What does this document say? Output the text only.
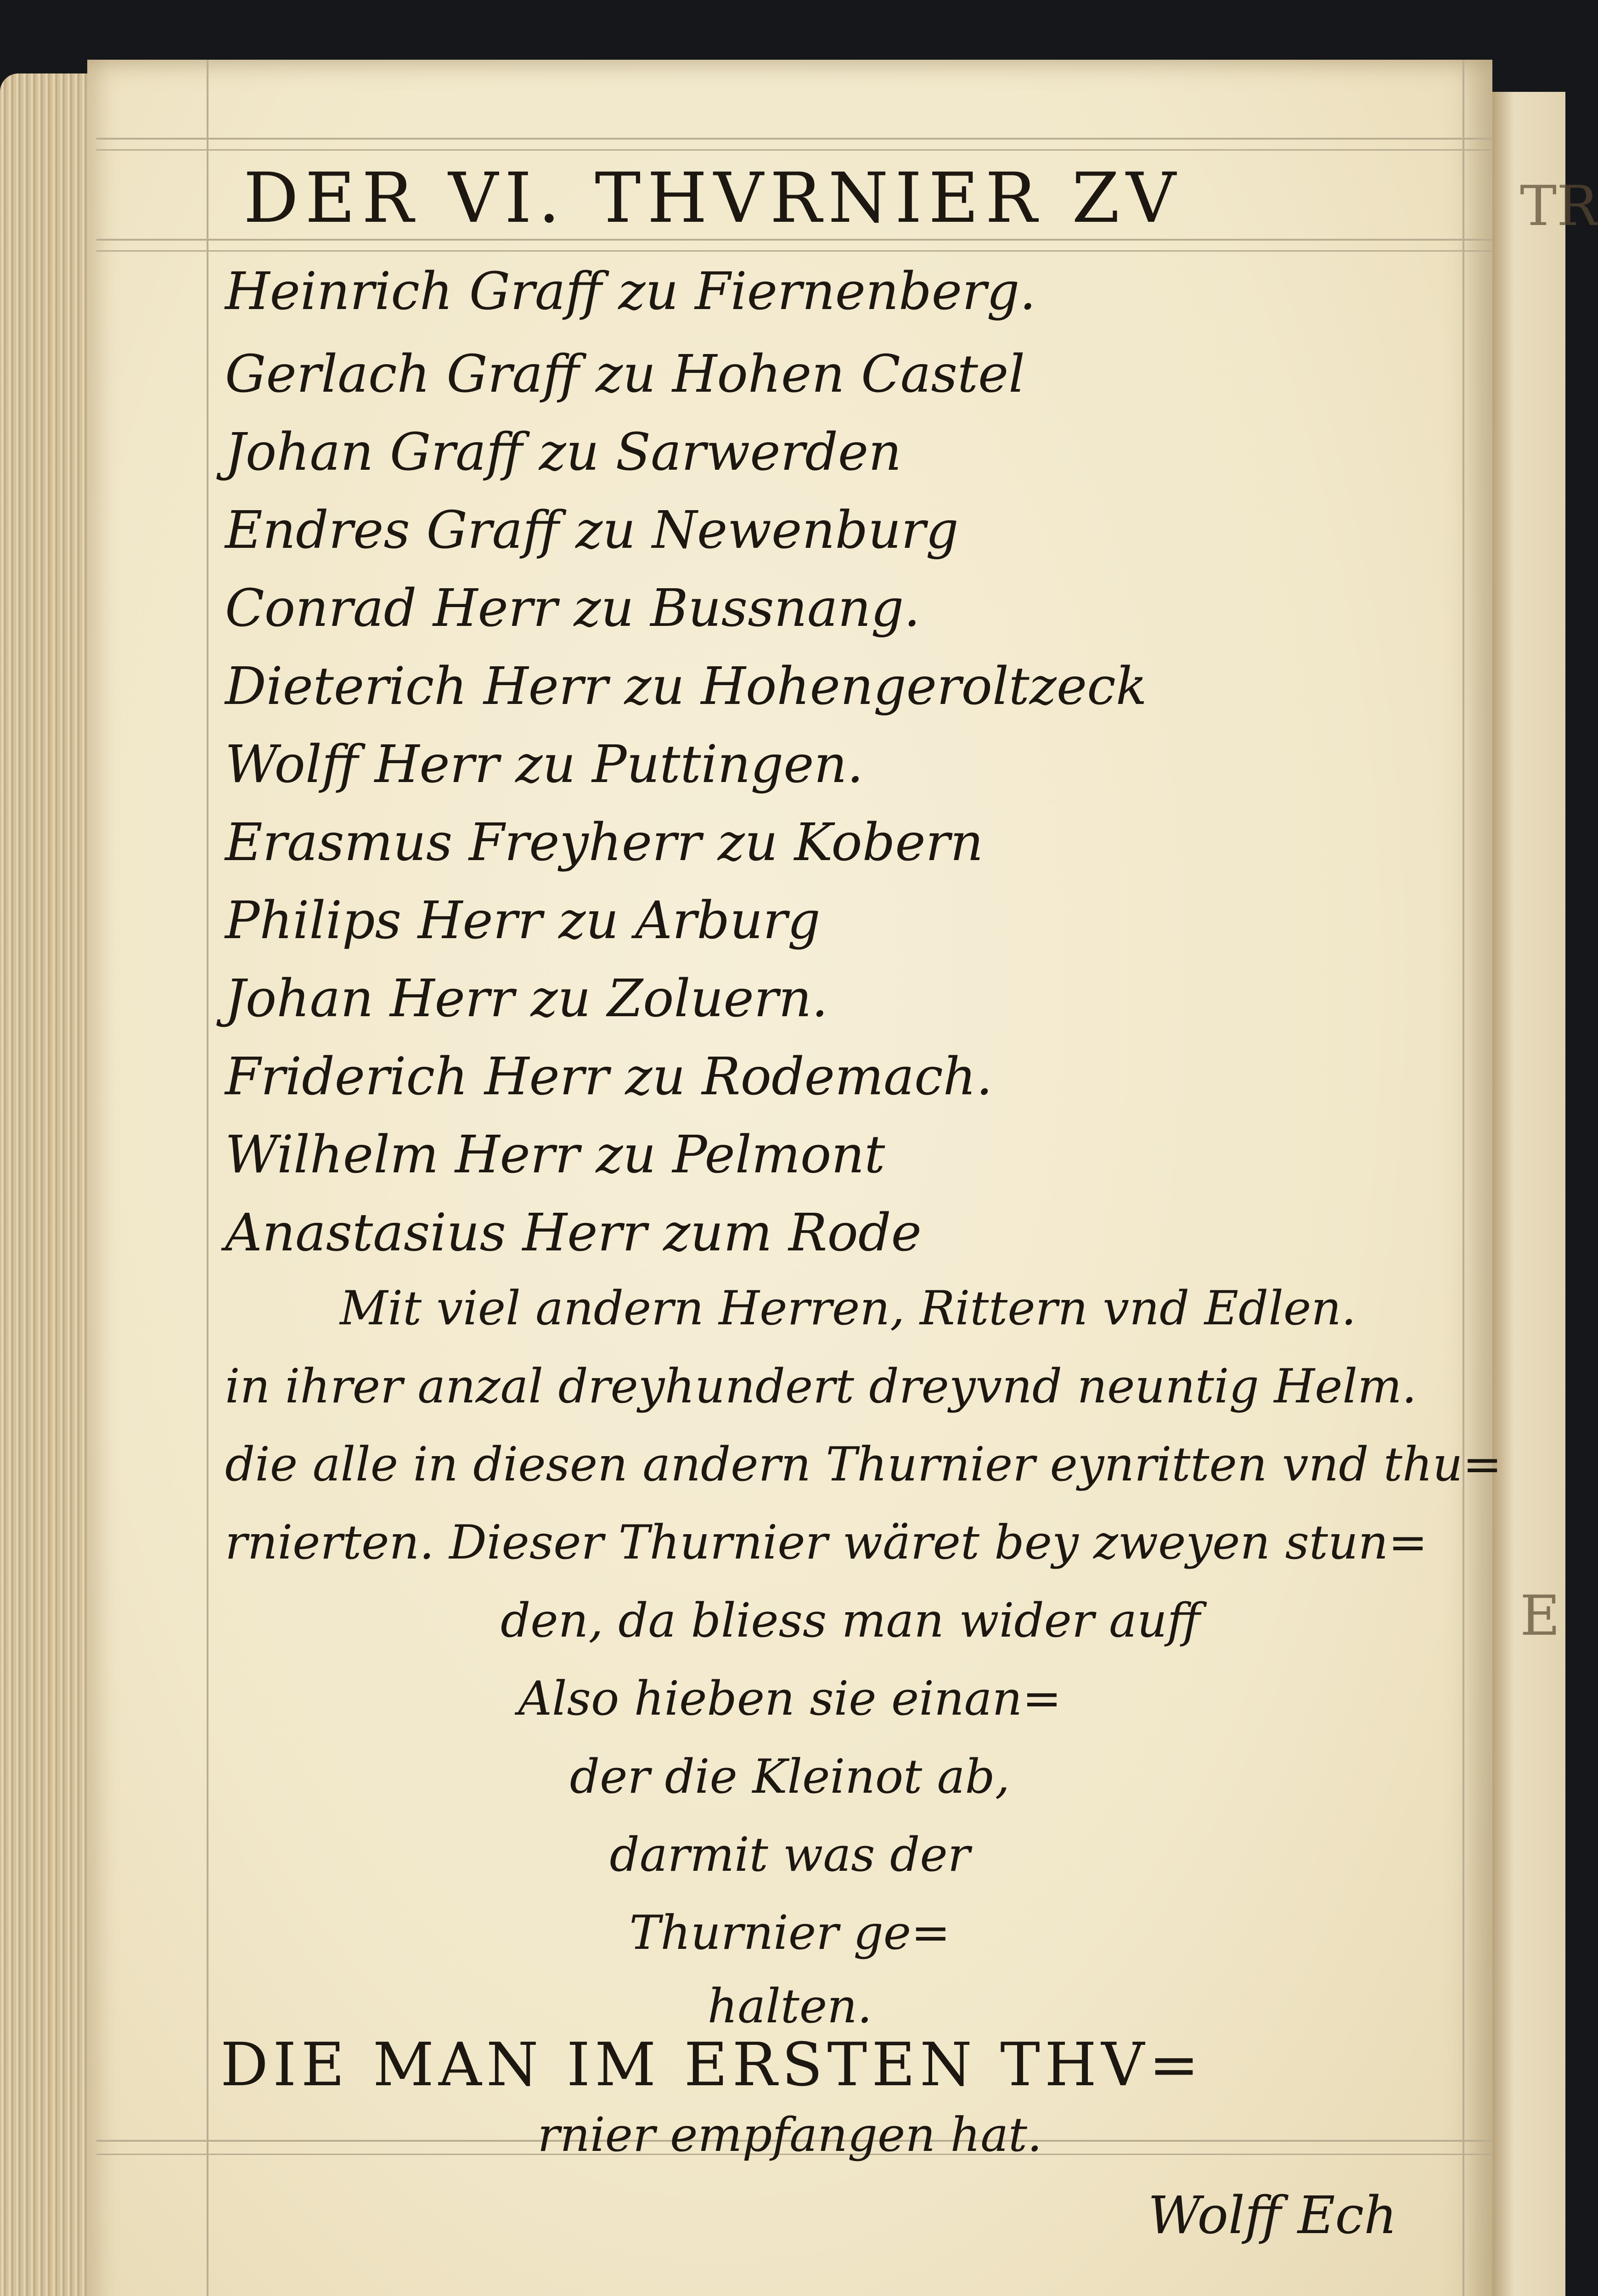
TR
E
DER VI. THVRNIER ZV
Heinrich Graff zu Fiernenberg.
Gerlach Graff zu Hohen Castel
Johan Graff zu Sarwerden
Endres Graff zu Newenburg
Conrad Herr zu Bussnang.
Dieterich Herr zu Hohengeroltzeck
Wolff Herr zu Puttingen.
Erasmus Freyherr zu Kobern
Philips Herr zu Arburg
Johan Herr zu Zoluern.
Friderich Herr zu Rodemach.
Wilhelm Herr zu Pelmont
Anastasius Herr zum Rode
Mit viel andern Herren, Rittern vnd Edlen.
in ihrer anzal dreyhundert dreyvnd neuntig Helm.
die alle in diesen andern Thurnier eynritten vnd thu=
rnierten. Dieser Thurnier wäret bey zweyen stun=
den, da bliess man wider auff
Also hieben sie einan=
der die Kleinot ab,
darmit was der
Thurnier ge=
halten.
DIE MAN IM ERSTEN THV=
rnier empfangen hat.
Wolff Ech
